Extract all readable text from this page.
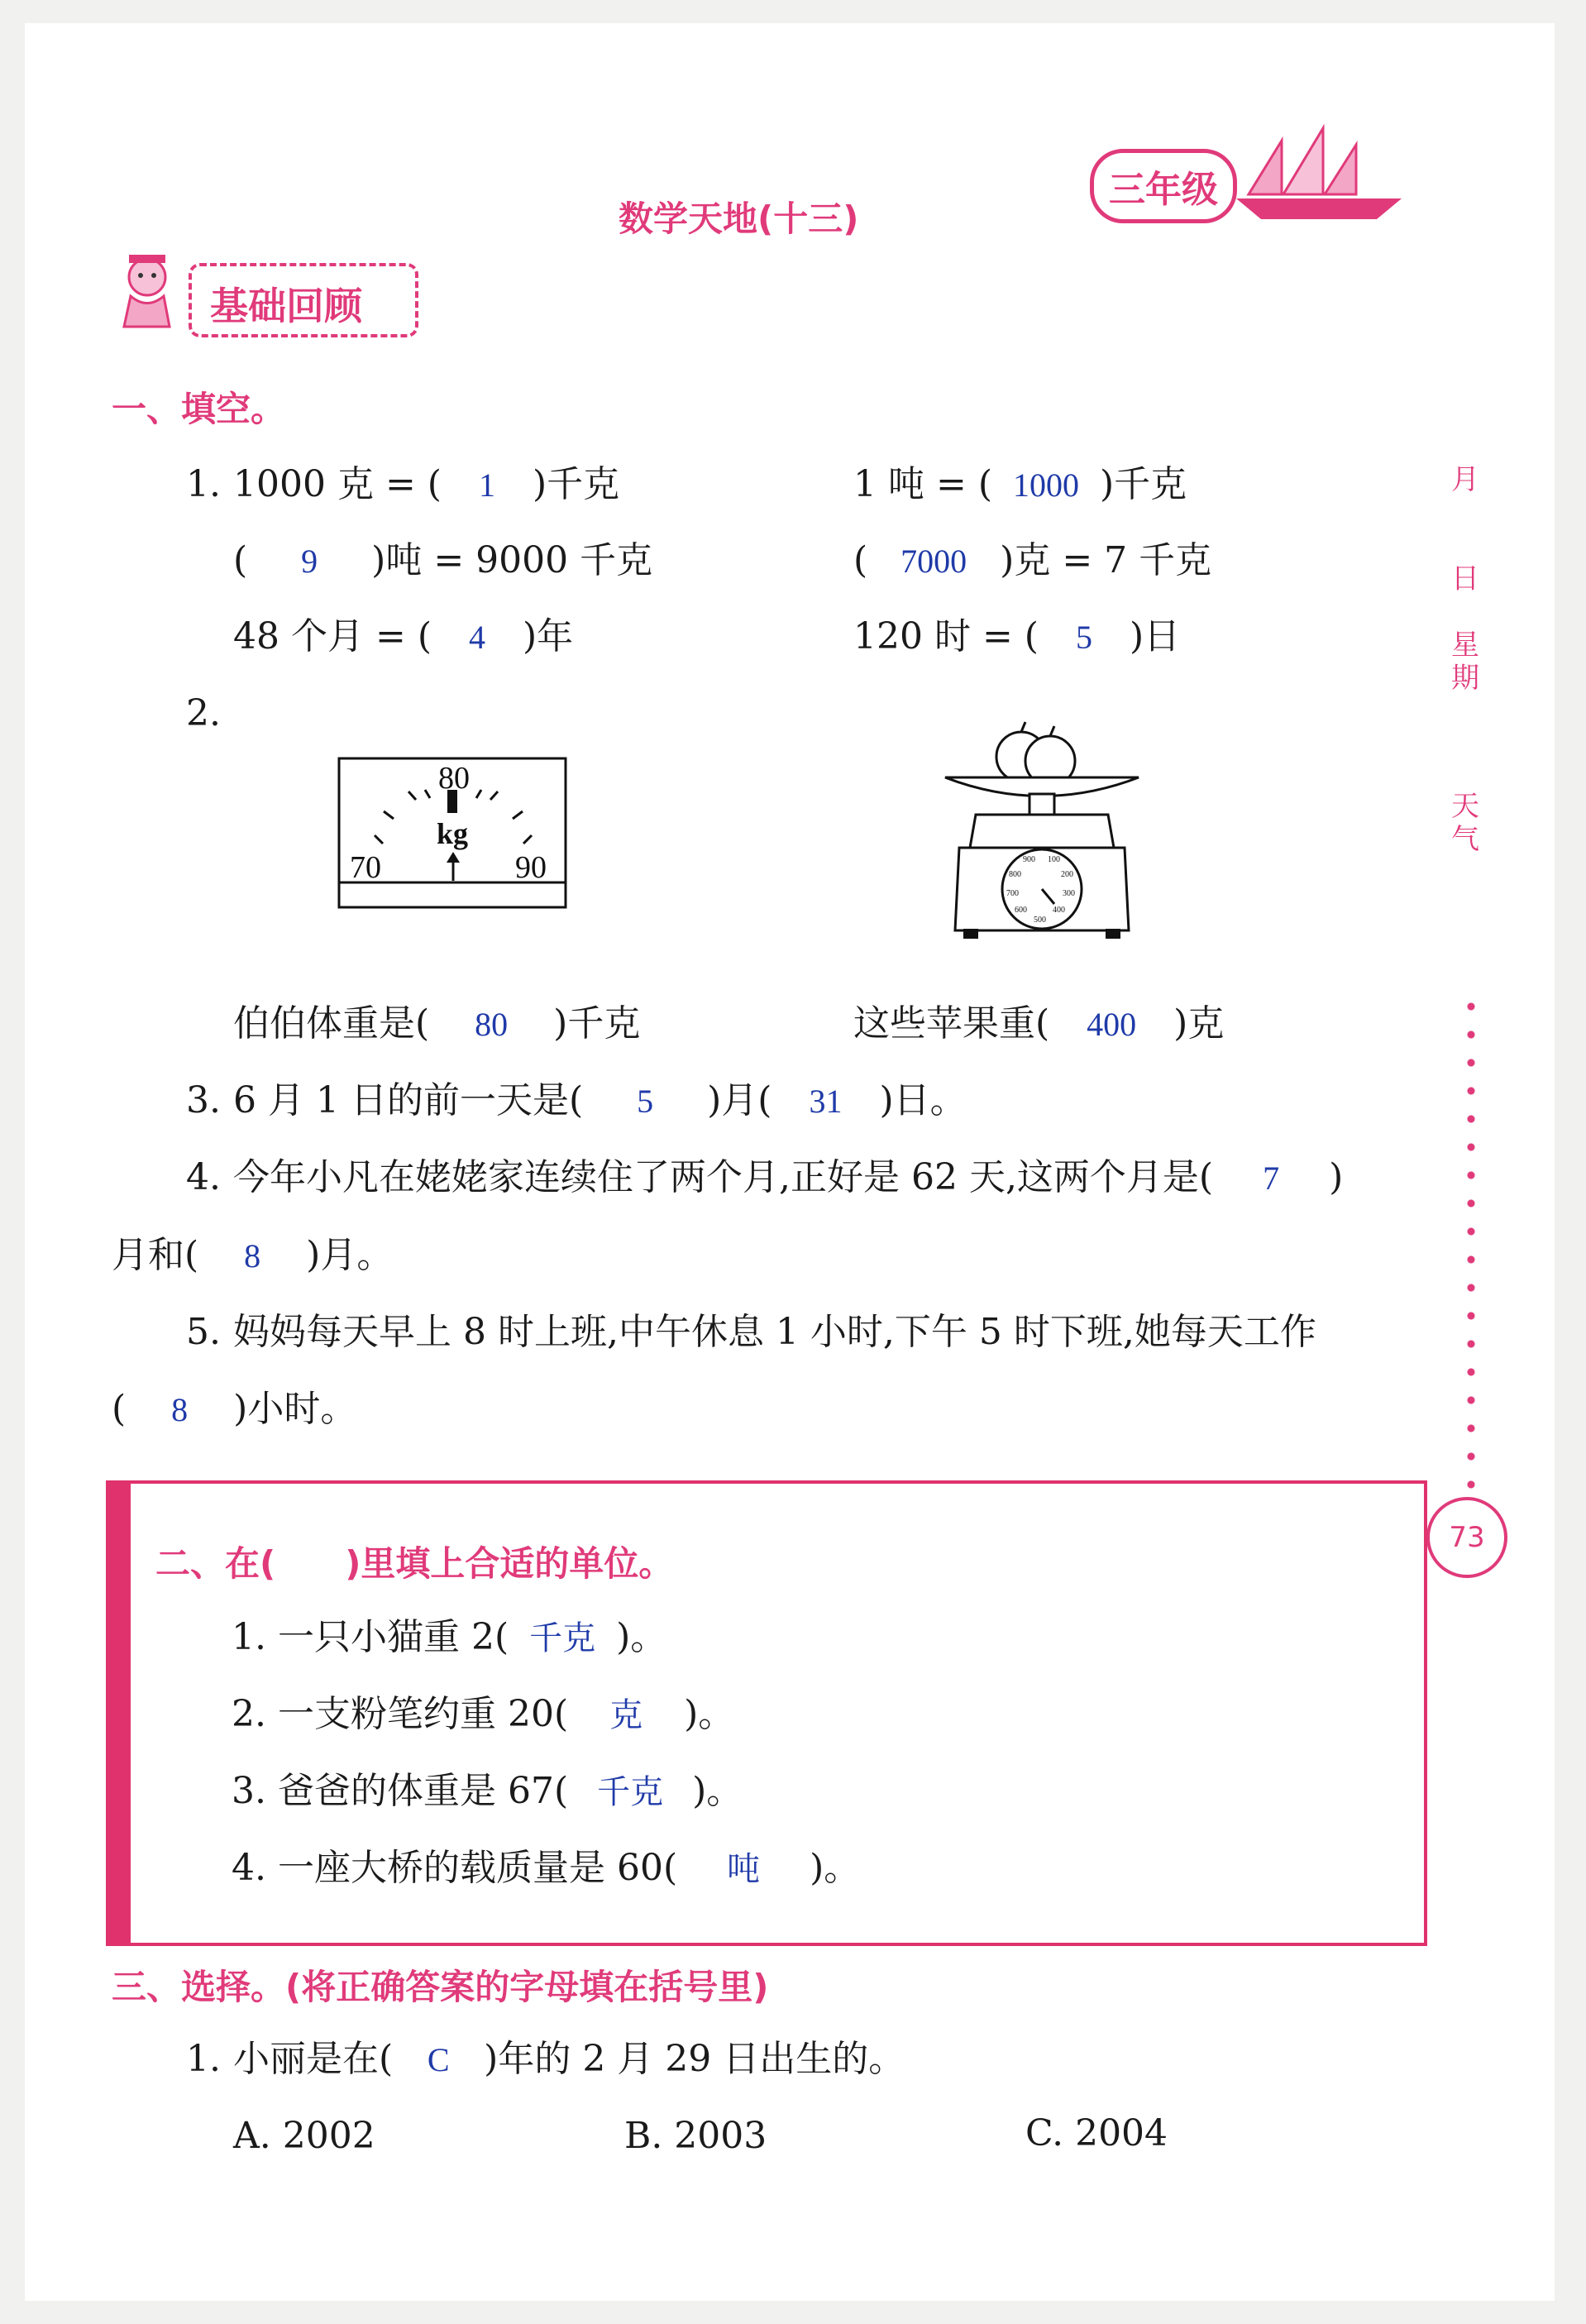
数学天地(十三)
三年级
基础回顾
月
日
星期
天气
73
一、填空。
1. 1000 克 = ( 1 )千克	1 吨 = ( 1000 )千克
( 9 )吨 = 9000 千克	( 7000 )克 = 7 千克
48 个月 = ( 4 )年	120 时 = ( 5 )日
2.
80
kg
70	90	900 100
800	200
700	300
600
500
400
伯伯体重是( 80 )千克	这些苹果重( 400 )克
3. 6 月 1 日的前一天是( 5 )月( 31 )日。
4. 今年小凡在姥姥家连续住了两个月,正好是 62 天,这两个月是( 7 )
月和( 8 )月。
5. 妈妈每天早上 8 时上班,中午休息 1 小时,下午 5 时下班,她每天工作
( 8 )小时。
二、在(　　)里填上合适的单位。
1. 一只小猫重 2( 千克 )。
2. 一支粉笔约重 20( 克 )。
3. 爸爸的体重是 67( 千克 )。
4. 一座大桥的载质量是 60( 吨 )。
三、选择。(将正确答案的字母填在括号里)
1. 小丽是在( C )年的 2 月 29 日出生的。
A. 2002	B. 2003	C. 2004
